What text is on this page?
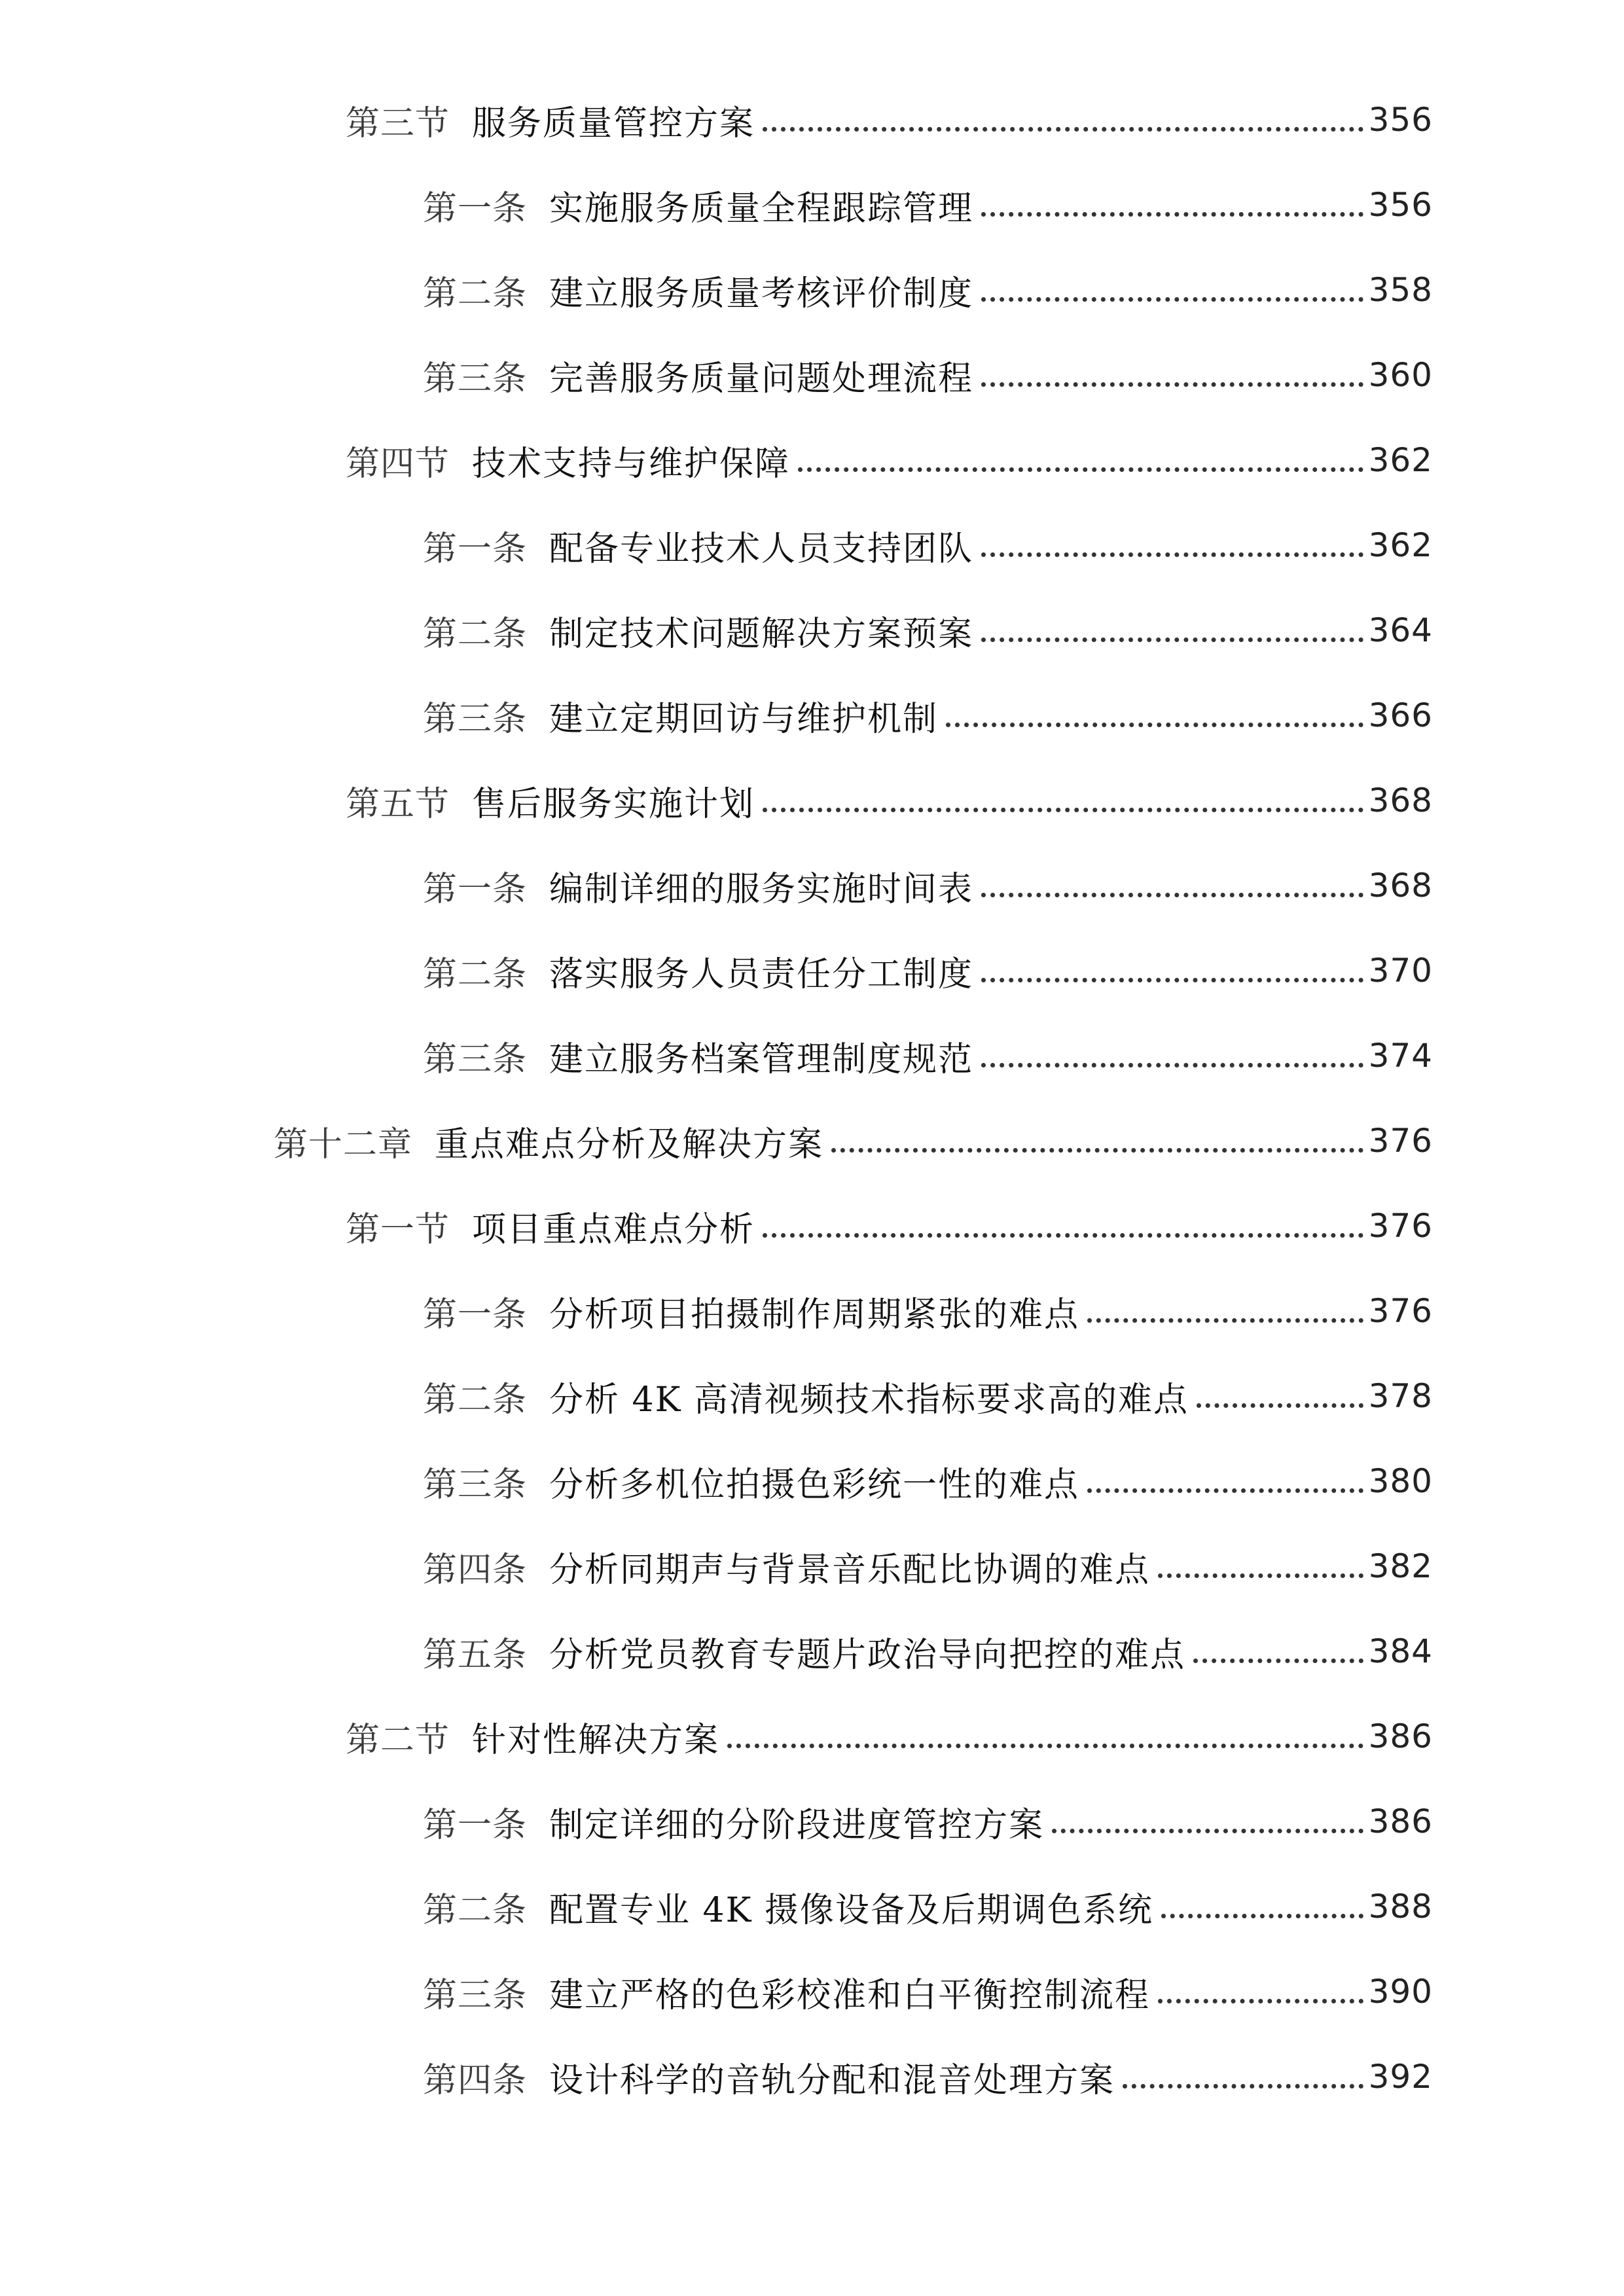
第三节 服务质量管控方案	356
第一条 实施服务质量全程跟踪管理	356
第二条 建立服务质量考核评价制度	358
第三条 完善服务质量问题处理流程	360
第四节 技术支持与维护保障	362
第一条 配备专业技术人员支持团队	362
第二条 制定技术问题解决方案预案	364
第三条 建立定期回访与维护机制	366
第五节 售后服务实施计划	368
第一条 编制详细的服务实施时间表	368
第二条 落实服务人员责任分工制度	370
第三条 建立服务档案管理制度规范	374
第十二章 重点难点分析及解决方案	376
第一节 项目重点难点分析	376
第一条 分析项目拍摄制作周期紧张的难点	376
第二条 分析 4K 高清视频技术指标要求高的难点	378
第三条 分析多机位拍摄色彩统一性的难点	380
第四条 分析同期声与背景音乐配比协调的难点	382
第五条 分析党员教育专题片政治导向把控的难点	384
第二节 针对性解决方案	386
第一条 制定详细的分阶段进度管控方案	386
第二条 配置专业 4K 摄像设备及后期调色系统	388
第三条 建立严格的色彩校准和白平衡控制流程	390
第四条 设计科学的音轨分配和混音处理方案	392
